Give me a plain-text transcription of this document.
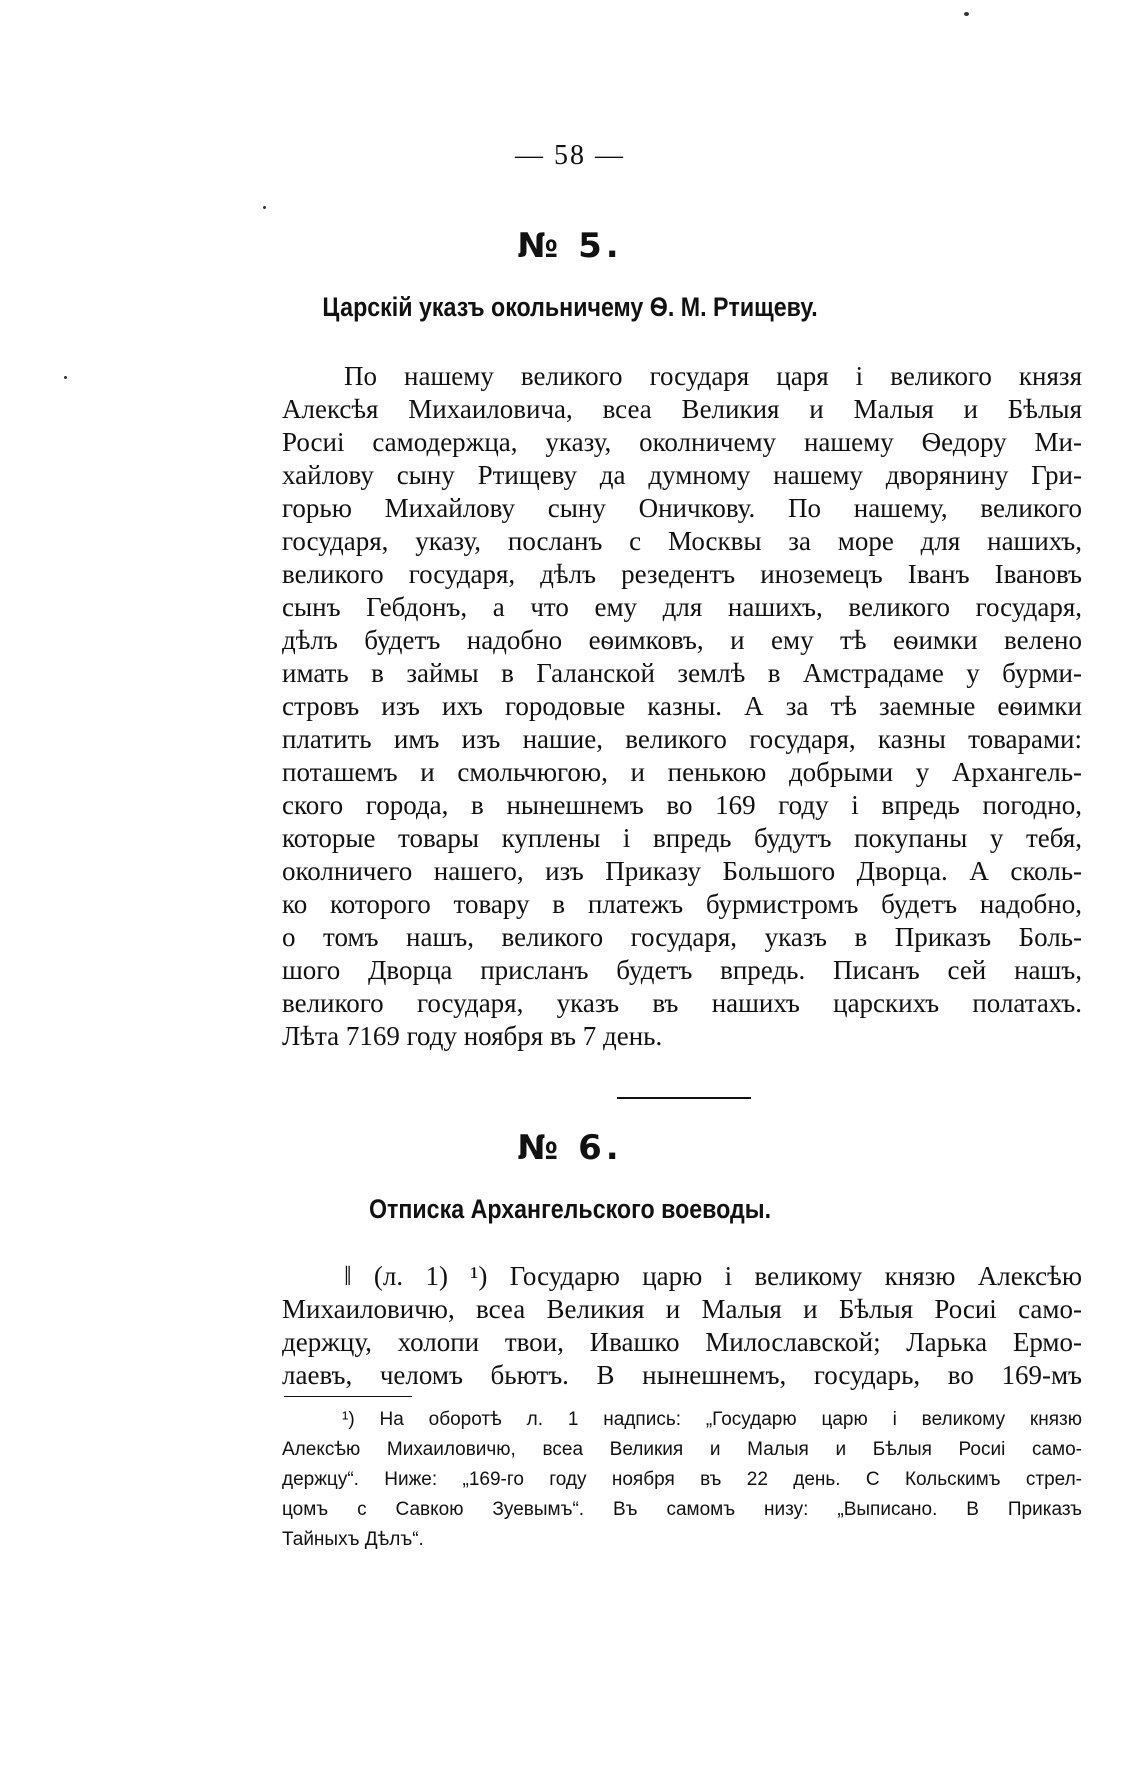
— 58 —
№ 5.
Царскiй указъ окольничему Ѳ. М. Ртищеву.
По нашему великого государя царя i великого князя
Алексѣя Михаиловича, всеа Великия и Малыя и Бѣлыя
Росиi самодержца, указу, околничему нашему Ѳедору Ми-
хайлову сыну Ртищеву да думному нашему дворянину Гри-
горью Михайлову сыну Оничкову. По нашему, великого
государя, указу, посланъ с Москвы за море для нашихъ,
великого государя, дѣлъ резедентъ иноземецъ Iванъ Iвановъ
сынъ Гебдонъ, а что ему для нашихъ, великого государя,
дѣлъ будетъ надобно еѳимковъ, и ему тѣ еѳимки велено
имать в займы в Галанской землѣ в Амстрадаме у бурми-
стровъ изъ ихъ городовые казны. А за тѣ заемные еѳимки
платить имъ изъ нашие, великого государя, казны товарами:
поташемъ и смольчюгою, и пенькою добрыми у Архангель-
ского города, в нынешнемъ во 169 году i впредь погодно,
которые товары куплены i впредь будутъ покупаны у тебя,
околничего нашего, изъ Приказу Большого Дворца. А сколь-
ко которого товару в платежъ бурмистромъ будетъ надобно,
о томъ нашъ, великого государя, указъ в Приказъ Боль-
шого Дворца присланъ будетъ впредь. Писанъ сей нашъ,
великого государя, указъ въ нашихъ царскихъ полатахъ.
Лѣта 7169 году ноября въ 7 день.
№ 6.
Отписка Архангельского воеводы.
‖ (л. 1) ¹) Государю царю i великому князю Алексѣю
Михаиловичю, всеа Великия и Малыя и Бѣлыя Росиi само-
держцу, холопи твои, Ивашко Милославской; Ларька Ермо-
лаевъ, челомъ бьютъ. В нынешнемъ, государь, во 169-мъ
¹) На оборотѣ л. 1 надпись: „Государю царю i великому князю
Алексѣю Михаиловичю, всеа Великия и Малыя и Бѣлыя Росиi само-
держцу“. Ниже: „169-го году ноября въ 22 день. С Кольскимъ стрел-
цомъ с Савкою Зуевымъ“. Въ самомъ низу: „Выписано. В Приказъ
Тайныхъ Дѣлъ“.
